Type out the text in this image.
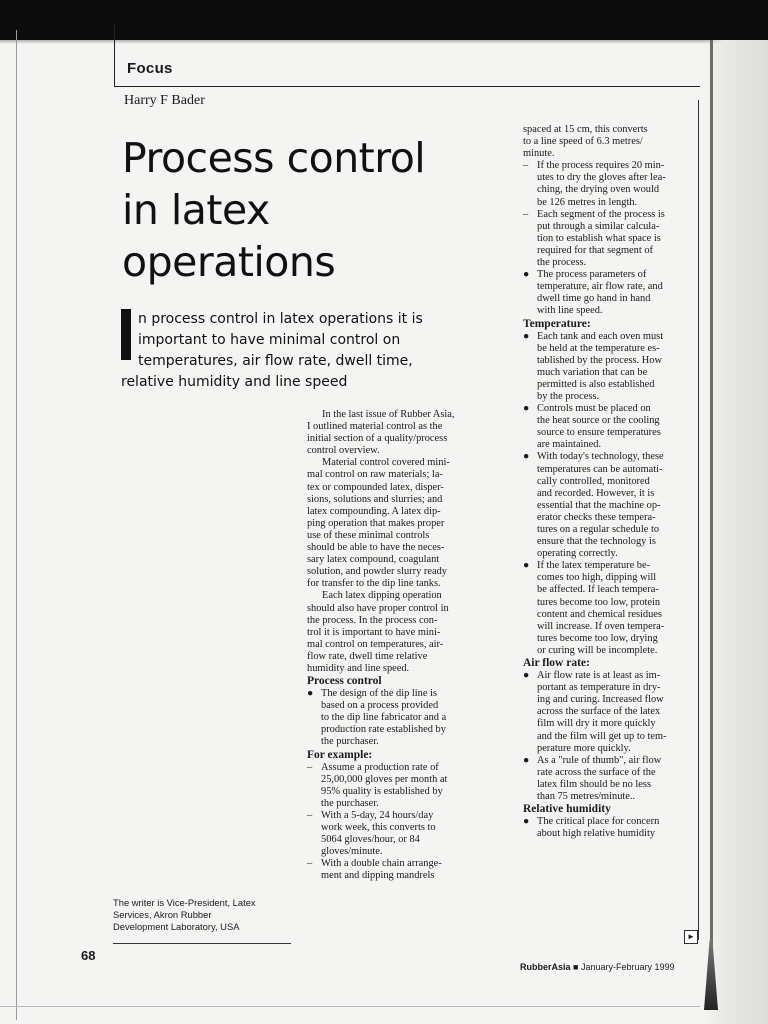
Focus
Harry F Bader
Process control
in latex
operations
n process control in latex operations it is
important to have minimal control on
temperatures, air flow rate, dwell time,
relative humidity and line speed
In the last issue of Rubber Asia,
I outlined material control as the
initial section of a quality/process
control overview.
Material control covered mini-
mal control on raw materials; la-
tex or compounded latex, disper-
sions, solutions and slurries; and
latex compounding. A latex dip-
ping operation that makes proper
use of these minimal controls
should be able to have the neces-
sary latex compound, coagulant
solution, and powder slurry ready
for transfer to the dip line tanks.
Each latex dipping operation
should also have proper control in
the process. In the process con-
trol it is important to have mini-
mal control on temperatures, air-
flow rate, dwell time relative
humidity and line speed.
Process control
● The design of the dip line is
based on a process provided
to the dip line fabricator and a
production rate established by
the purchaser.
For example:
– Assume a production rate of
25,00,000 gloves per month at
95% quality is established by
the purchaser.
– With a 5-day, 24 hours/day
work week, this converts to
5064 gloves/hour, or 84
gloves/minute.
– With a double chain arrange-
ment and dipping mandrels
spaced at 15 cm, this converts
to a line speed of 6.3 metres/
minute.
– If the process requires 20 min-
utes to dry the gloves after lea-
ching, the drying oven would
be 126 metres in length.
– Each segment of the process is
put through a similar calcula-
tion to establish what space is
required for that segment of
the process.
● The process parameters of
temperature, air flow rate, and
dwell time go hand in hand
with line speed.
Temperature:
● Each tank and each oven must
be held at the temperature es-
tablished by the process. How
much variation that can be
permitted is also established
by the process.
● Controls must be placed on
the heat source or the cooling
source to ensure temperatures
are maintained.
● With today's technology, these
temperatures can be automati-
cally controlled, monitored
and recorded. However, it is
essential that the machine op-
erator checks these tempera-
tures on a regular schedule to
ensure that the technology is
operating correctly.
● If the latex temperature be-
comes too high, dipping will
be affected. If leach tempera-
tures become too low, protein
content and chemical residues
will increase. If oven tempera-
tures become too low, drying
or curing will be incomplete.
Air flow rate:
● Air flow rate is at least as im-
portant as temperature in dry-
ing and curing. Increased flow
across the surface of the latex
film will dry it more quickly
and the film will get up to tem-
perature more quickly.
● As a "rule of thumb", air flow
rate across the surface of the
latex film should be no less
than 75 metres/minute..
Relative humidity
● The critical place for concern
about high relative humidity
The writer is Vice-President, Latex
Services, Akron Rubber
Development Laboratory, USA
68
RubberAsia ■ January-February 1999
►
